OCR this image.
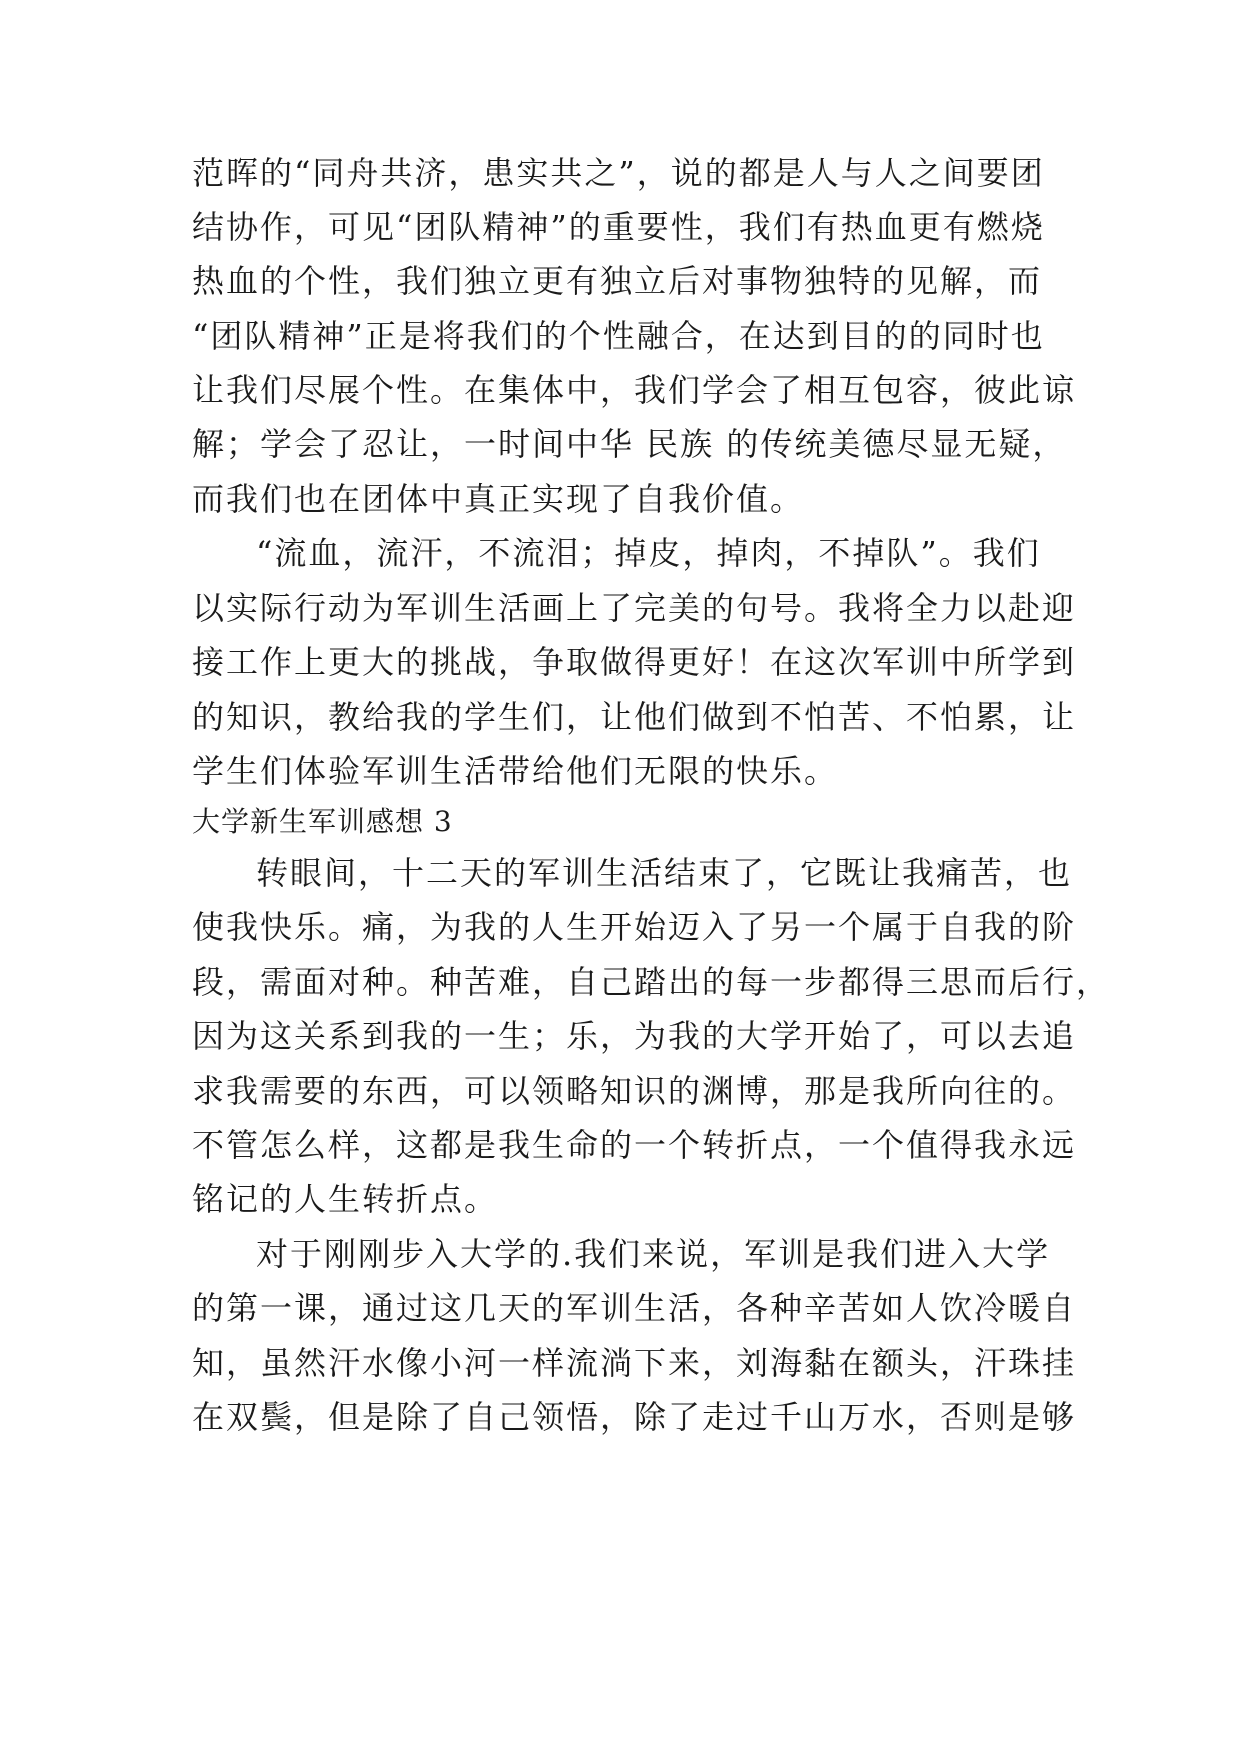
范晖的“同舟共济，患实共之”，说的都是人与人之间要团
结协作，可见“团队精神”的重要性，我们有热血更有燃烧
热血的个性，我们独立更有独立后对事物独特的见解，而
“团队精神”正是将我们的个性融合，在达到目的的同时也
让我们尽展个性。在集体中，我们学会了相互包容，彼此谅
解；学会了忍让，一时间中华 民族 的传统美德尽显无疑，
而我们也在团体中真正实现了自我价值。
“流血，流汗，不流泪；掉皮，掉肉，不掉队”。我们
以实际行动为军训生活画上了完美的句号。我将全力以赴迎
接工作上更大的挑战，争取做得更好！在这次军训中所学到
的知识，教给我的学生们，让他们做到不怕苦、不怕累，让
学生们体验军训生活带给他们无限的快乐。
大学新生军训感想 3
转眼间，十二天的军训生活结束了，它既让我痛苦，也
使我快乐。痛，为我的人生开始迈入了另一个属于自我的阶
段，需面对种。种苦难，自己踏出的每一步都得三思而后行，
因为这关系到我的一生；乐，为我的大学开始了，可以去追
求我需要的东西，可以领略知识的渊博，那是我所向往的。
不管怎么样，这都是我生命的一个转折点，一个值得我永远
铭记的人生转折点。
对于刚刚步入大学的.我们来说，军训是我们进入大学
的第一课，通过这几天的军训生活，各种辛苦如人饮冷暖自
知，虽然汗水像小河一样流淌下来，刘海黏在额头，汗珠挂
在双鬓，但是除了自己领悟，除了走过千山万水，否则是够
